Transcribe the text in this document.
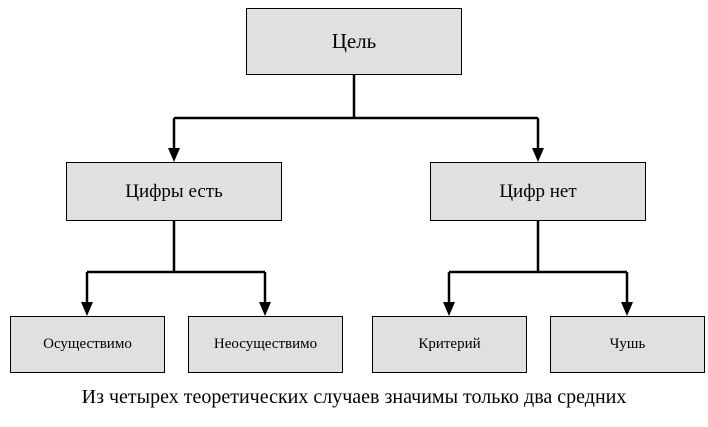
Цель
Цифры есть	Цифр нет
Осуществимо	Неосуществимо	Критерий	Чушь
Из четырех теоретических случаев значимы только два средних
